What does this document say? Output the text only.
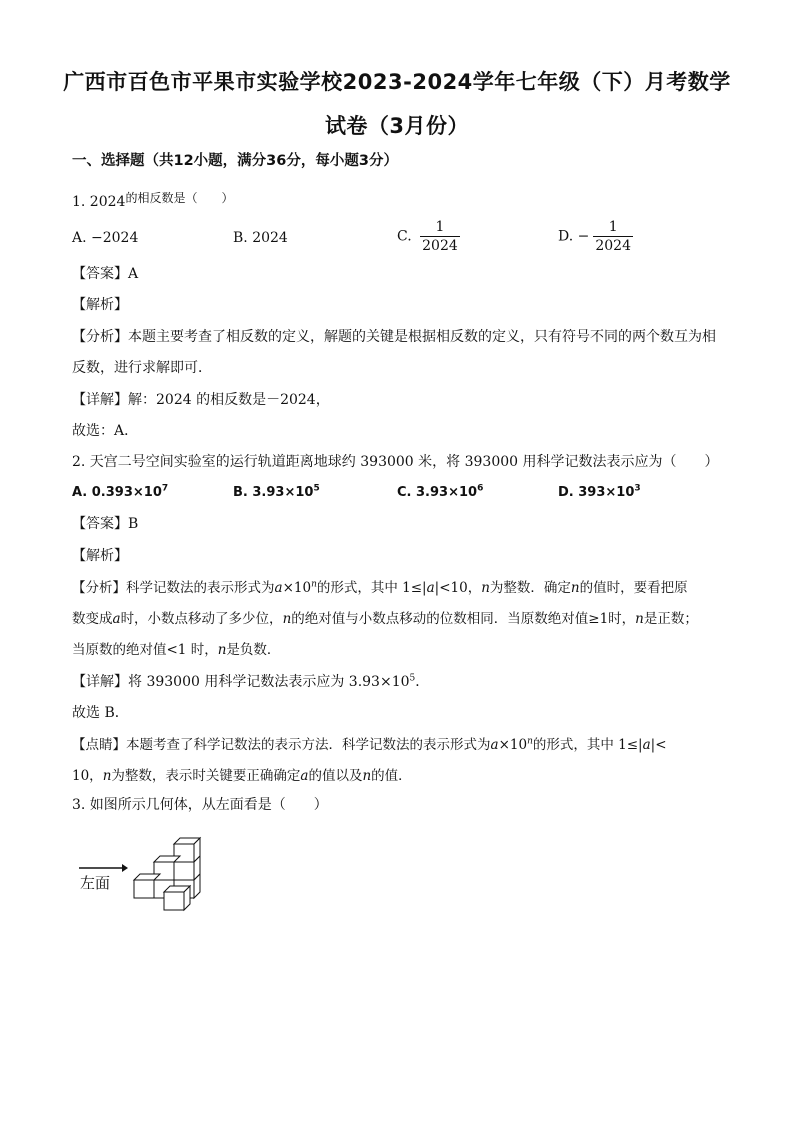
广西市百色市平果市实验学校2023-2024学年七年级（下）月考数学
试卷（3月份）
一、选择题（共12小题，满分36分，每小题3分）
1. 2024的相反数是（　　）
A. −2024	B. 2024	C. $\frac{1}{2024}$	D. − $\frac{1}{2024}$
【答案】A
【解析】
【分析】本题主要考查了相反数的定义，解题的关键是根据相反数的定义，只有符号不同的两个数互为相
反数，进行求解即可．
【详解】解：2024 的相反数是－2024，
故选：A．
2. 天宫二号空间实验室的运行轨道距离地球约 393000 米，将 393000 用科学记数法表示应为（　　）
A. $0.393\times 10^7$	B. $3.93\times 10^5$	C. $3.93\times 10^6$	D. $393\times 10^3$
【答案】B
【解析】
【分析】科学记数法的表示形式为$a\times 10^n$的形式，其中 1≤|a|<10，n为整数．确定n的值时，要看把原
数变成a时，小数点移动了多少位，n的绝对值与小数点移动的位数相同．当原数绝对值≥1时，n是正数；
当原数的绝对值<1 时，n是负数．
【详解】将 393000 用科学记数法表示应为 $3.93\times 10^5$．
故选 B．
【点睛】本题考查了科学记数法的表示方法．科学记数法的表示形式为$a\times 10^n$的形式，其中 1≤|a|<
10，n为整数，表示时关键要正确确定a的值以及n的值．
3. 如图所示几何体，从左面看是（　　）
左面
